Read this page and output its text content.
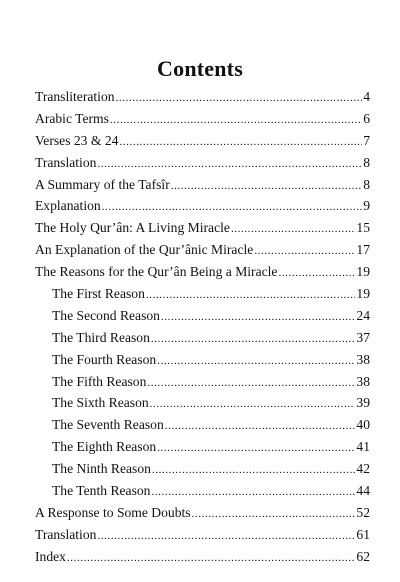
Contents
Transliteration .....	4
Arabic Terms .....	6
Verses 23 & 24 .....	7
Translation .....	8
A Summary of the Tafsîr .....	8
Explanation .....	9
The Holy Qur’ân: A Living Miracle .....	15
An Explanation of the Qur’ânic Miracle .....	17
The Reasons for the Qur’ân Being a Miracle .....	19
The First Reason .....	19
The Second Reason .....	24
The Third Reason .....	37
The Fourth Reason .....	38
The Fifth Reason .....	38
The Sixth Reason .....	39
The Seventh Reason .....	40
The Eighth Reason .....	41
The Ninth Reason .....	42
The Tenth Reason .....	44
A Response to Some Doubts .....	52
Translation .....	61
Index .....	62
